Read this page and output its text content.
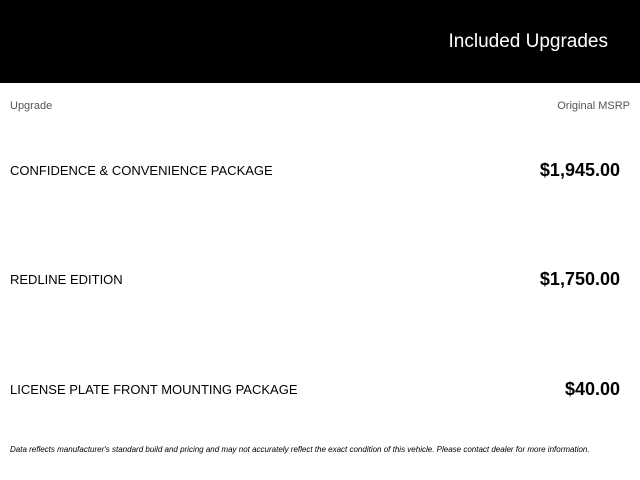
Included Upgrades
Upgrade	Original MSRP
CONFIDENCE & CONVENIENCE PACKAGE	$1,945.00
REDLINE EDITION	$1,750.00
LICENSE PLATE FRONT MOUNTING PACKAGE	$40.00
Data reflects manufacturer's standard build and pricing and may not accurately reflect the exact condition of this vehicle. Please contact dealer for more information.
